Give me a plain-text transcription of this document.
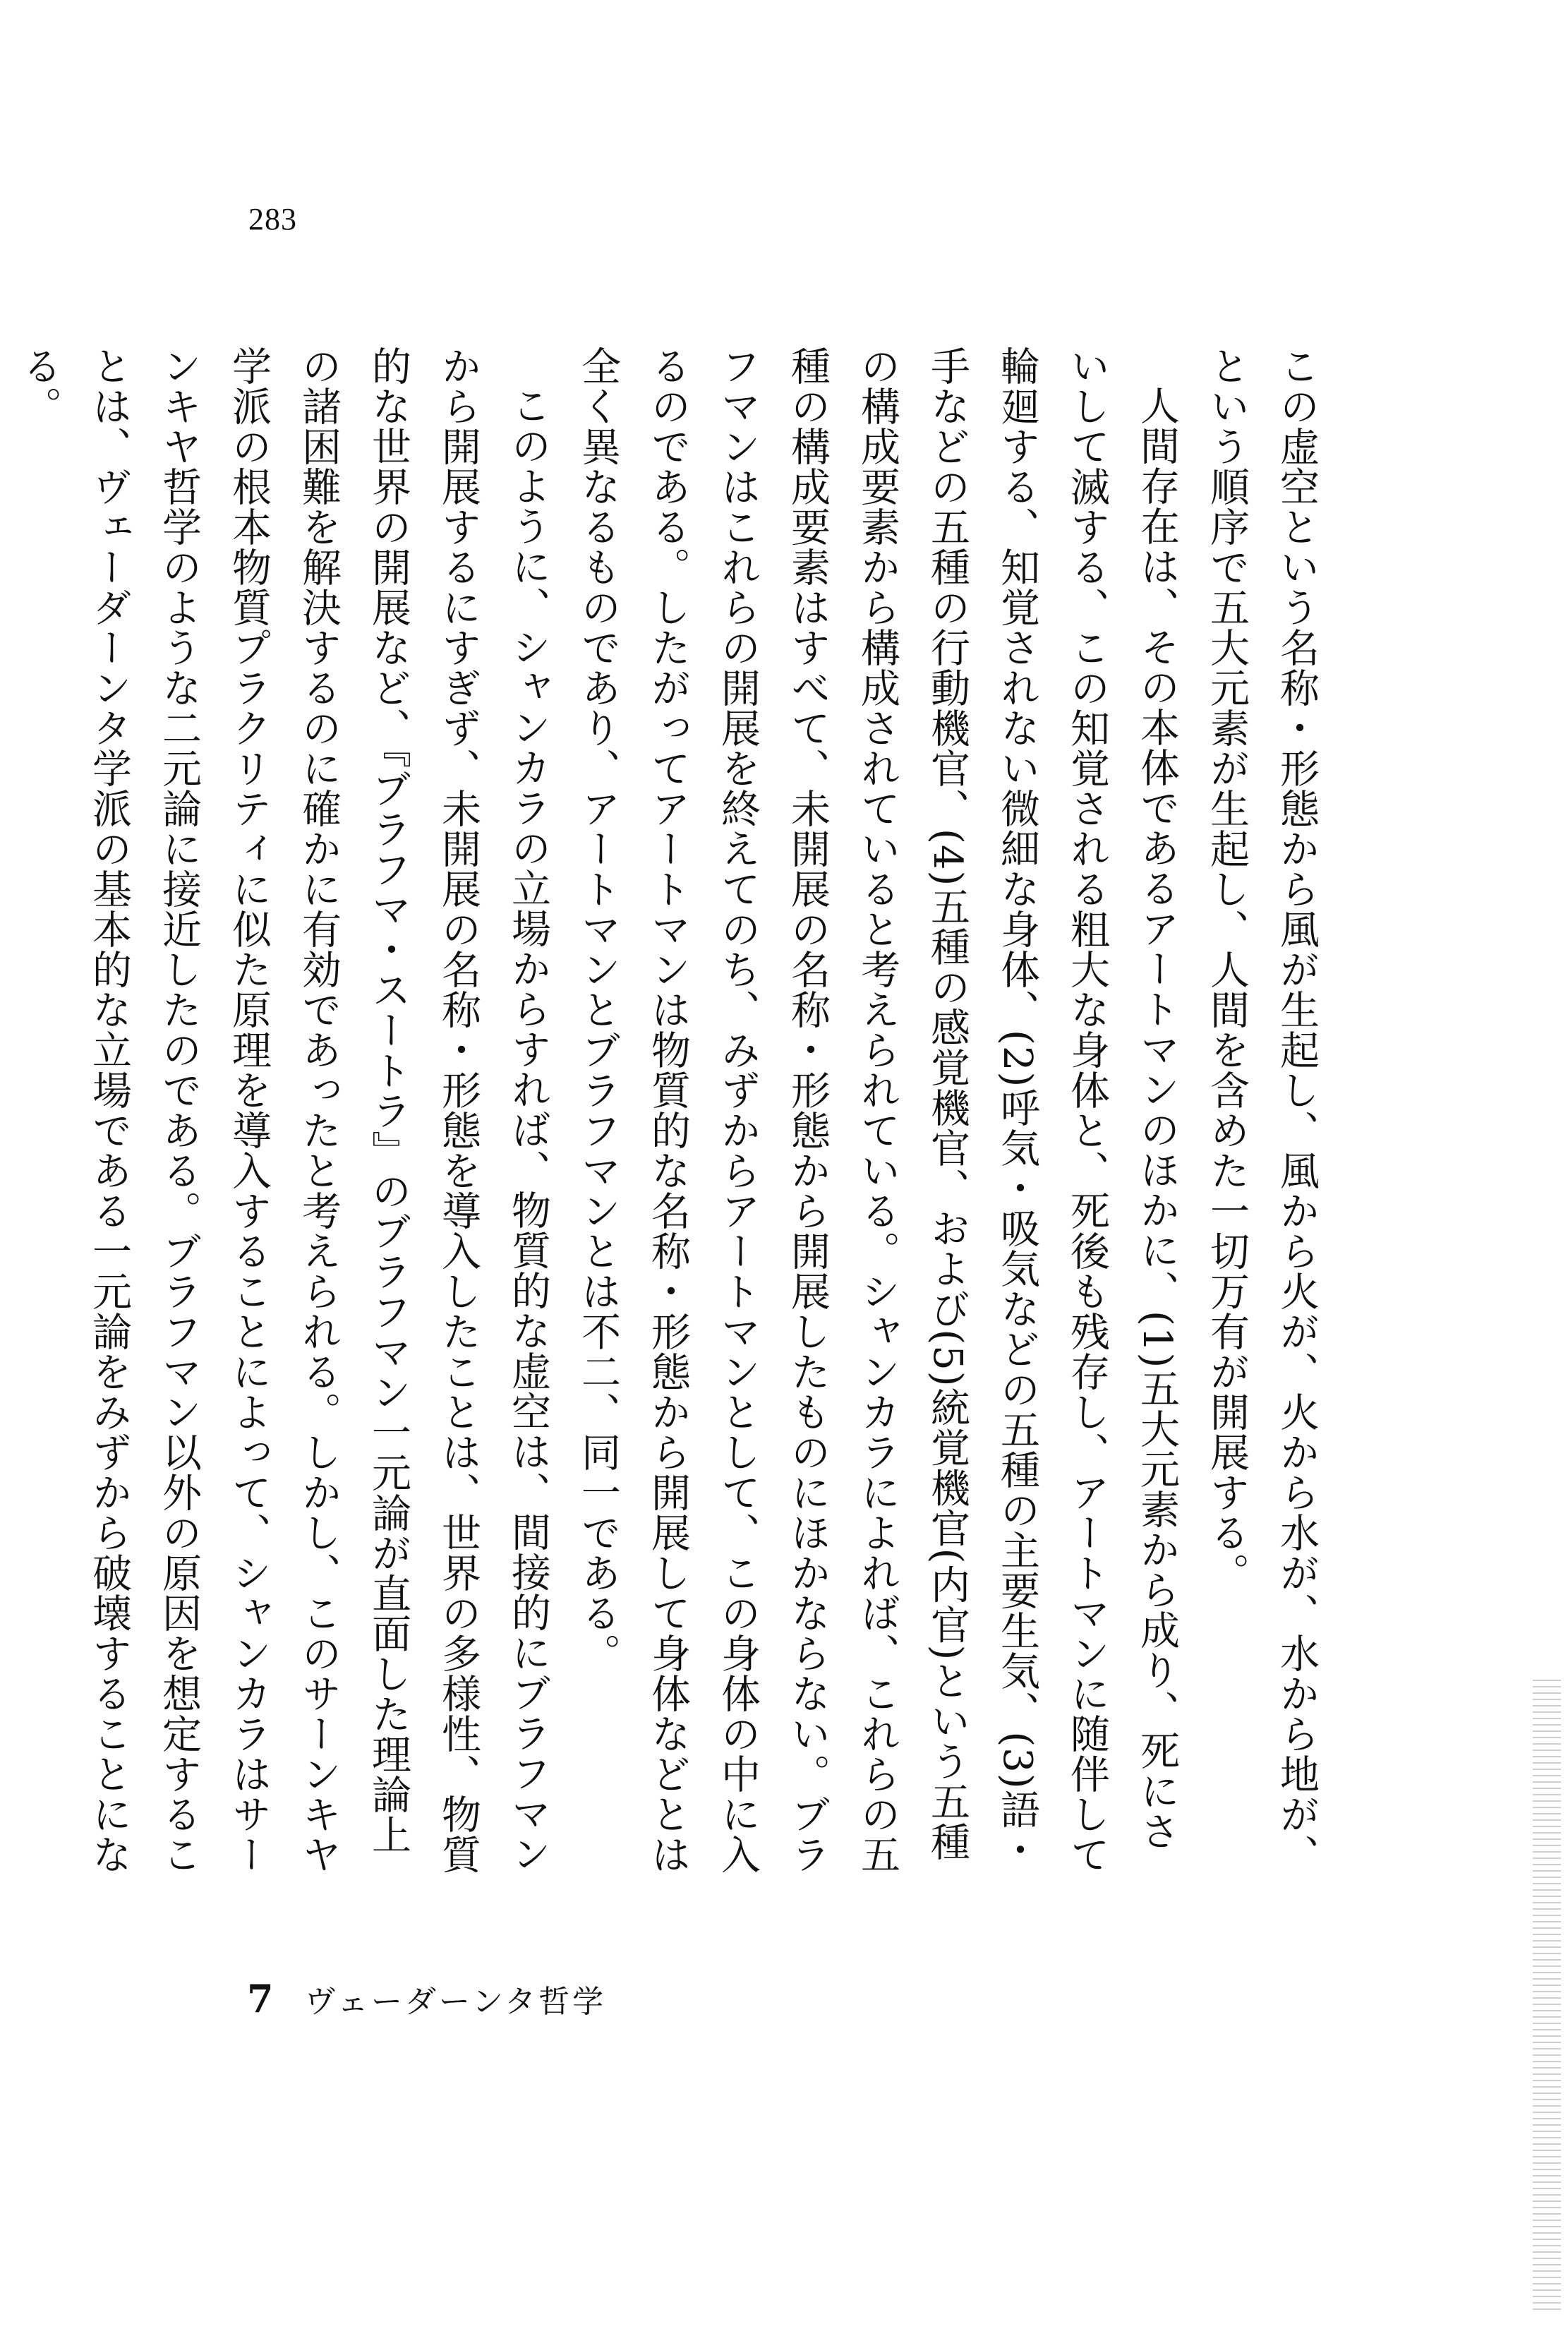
283

この虚空という名称・形態から風が生起し、風から火が、火から水が、水から地が、という順序で五大元素が生起し、人間を含めた一切万有が開展する。

人間存在は、その本体であるアートマンのほかに、(1)五大元素から成り、死にさいして滅する、この知覚される粗大な身体と、死後も残存し、アートマンに随伴して輪廻する、知覚されない微細な身体、(2)呼気・吸気などの五種の主要生気、(3)語・手などの五種の行動機官、(4)五種の感覚機官、および(5)統覚機官(内官)という五種の構成要素から構成されていると考えられている。シャンカラによれば、これらの五種の構成要素はすべて、未開展の名称・形態から開展したものにほかならない。ブラフマンはこれらの開展を終えてのち、みずからアートマンとして、この身体の中に入るのである。したがってアートマンは物質的な名称・形態から開展して身体などとは全く異なるものであり、アートマンとブラフマンとは不二、同一である。

このように、シャンカラの立場からすれば、物質的な虚空は、間接的にブラフマンから開展するにすぎず、未開展の名称・形態を導入したことは、世界の多様性、物質的な世界の開展など、『ブラフマ・スートラ』のブラフマン一元論が直面した理論上の諸困難を解決するのに確かに有効であったと考えられる。しかし、このサーンキヤ学派の根本物質プラクリティに似た原理を導入することによって、シャンカラはサーンキヤ哲学のような二元論に接近したのである。ブラフマン以外の原因を想定することは、ヴェーダーンタ学派の基本的な立場である一元論をみずから破壊することになる。

7 ヴェーダーンタ哲学
